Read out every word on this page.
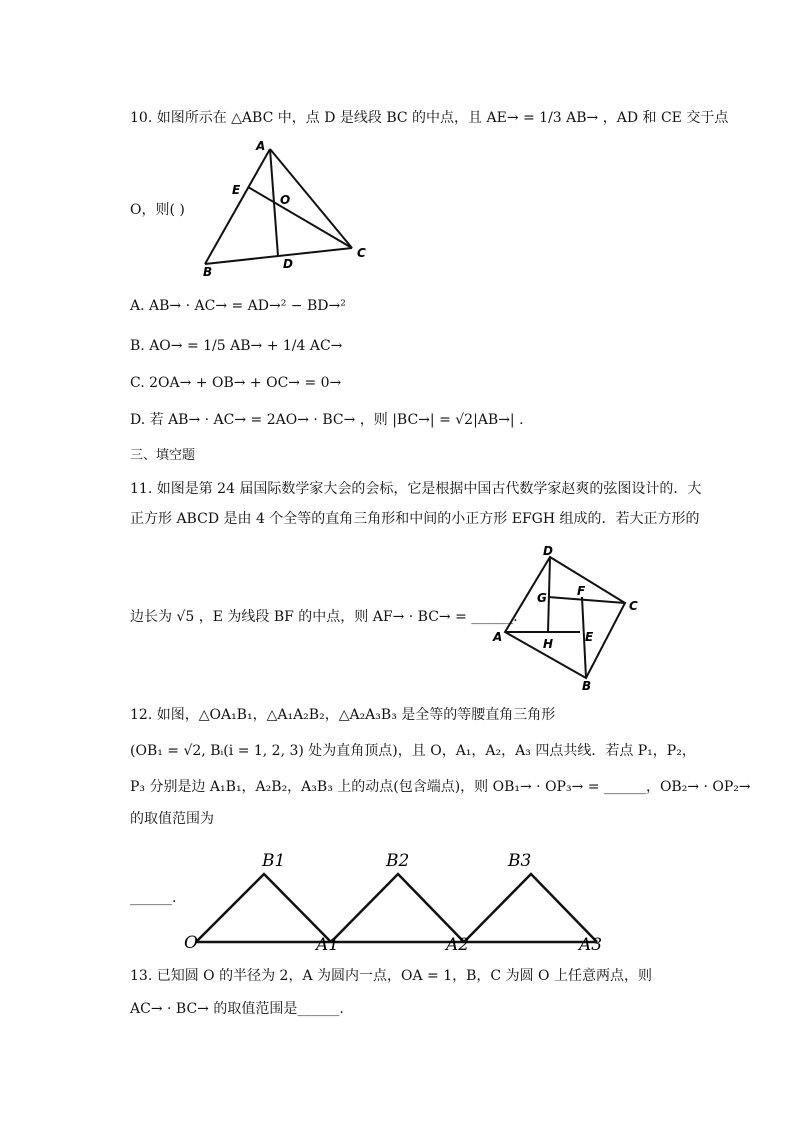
10. 如图所示在 △ABC 中，点 D 是线段 BC 的中点，且 AE→ = 1/3 AB→ ，AD 和 CE 交于点
A
E
O
C
B
D
O，则( )
A. AB→ · AC→ = AD→² − BD→²
B. AO→ = 1/5 AB→ + 1/4 AC→
C. 2OA→ + OB→ + OC→ = 0→
D. 若 AB→ · AC→ = 2AO→ · BC→ ，则 |BC→| = √2|AB→| .
三、填空题
11. 如图是第 24 届国际数学家大会的会标，它是根据中国古代数学家赵爽的弦图设计的．大
正方形 ABCD 是由 4 个全等的直角三角形和中间的小正方形 EFGH 组成的．若大正方形的
D
G	F
C
A	H	E
B
边长为 √5 ，E 为线段 BF 的中点，则 AF→ · BC→ = ______．
12. 如图，△OA₁B₁，△A₁A₂B₂，△A₂A₃B₃ 是全等的等腰直角三角形
(OB₁ = √2, Bᵢ(i = 1, 2, 3) 处为直角顶点)，且 O，A₁，A₂，A₃ 四点共线．若点 P₁，P₂，
P₃ 分别是边 A₁B₁，A₂B₂，A₃B₃ 上的动点(包含端点)，则 OB₁→ · OP₃→ = ______，OB₂→ · OP₂→
的取值范围为
B1	B2	B3
O	A1	A2	A3
______.
13. 已知圆 O 的半径为 2，A 为圆内一点，OA = 1，B，C 为圆 O 上任意两点，则
AC→ · BC→ 的取值范围是______.
